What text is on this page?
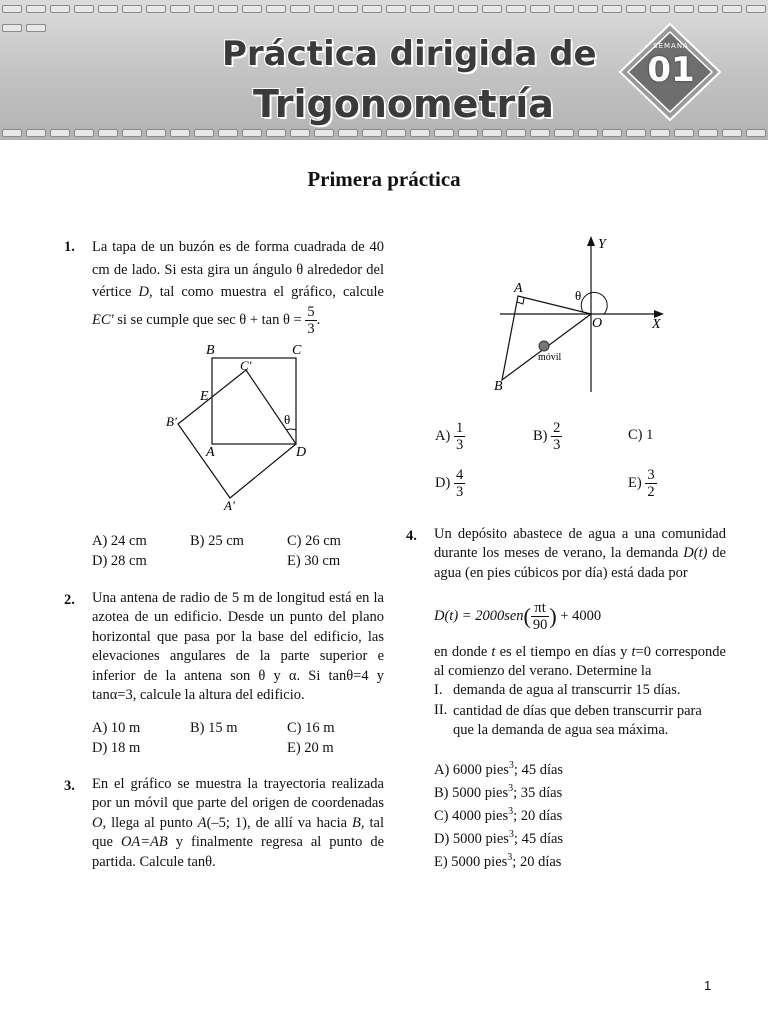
Práctica dirigida de
Trigonometría
SEMANA
01
Primera práctica
1. La tapa de un buzón es de forma cuadrada de 40 cm de lado. Si esta gira un ángulo θ alrededor del vértice D, tal como muestra el gráfico, calcule EC' si se cumple que $\sec \theta + \tan \theta = \frac{5}{3}$ .
B	C
C'
E
B'	θ
A	D
A'
A) 24 cm	B) 25 cm	C) 26 cm
D) 28 cm	E) 30 cm
2. Una antena de radio de 5 m de longitud está en la azotea de un edificio. Desde un punto del plano horizontal que pasa por la base del edificio, las elevaciones angulares de la parte superior e inferior de la antena son θ y α. Si tanθ=4 y tanα=3, calcule la altura del edificio.
A) 10 m	B) 15 m	C) 16 m
D) 18 m	E) 20 m
3. En el gráfico se muestra la trayectoria realizada por un móvil que parte del origen de coordenadas O, llega al punto A(–5; 1), de allí va hacia B, tal que OA=AB y finalmente regresa al punto de partida. Calcule tanθ.
Y
X
O
A
B
θ
móvil
$A) \frac{1}{3}$	$B) \frac{2}{3}$	C) 1
$D) \frac{4}{3}$	$E) \frac{3}{2}$
4. Un depósito abastece de agua a una comunidad durante los meses de verano, la demanda D(t) de agua (en pies cúbicos por día) está dada por
$D(t) = 2000sen( \frac{\pi t}{90}$ ) + 4000
en donde t es el tiempo en días y t=0 corresponde al comienzo del verano. Determine la
I. demanda de agua al transcurrir 15 días.
II. cantidad de días que deben transcurrir para que la demanda de agua sea máxima.
A) 6000 pies$^3$; 45 días
B) 5000 pies$^3$; 35 días
C) 4000 pies$^3$; 20 días
D) 5000 pies$^3$; 45 días
E) 5000 pies$^3$; 20 días
1
